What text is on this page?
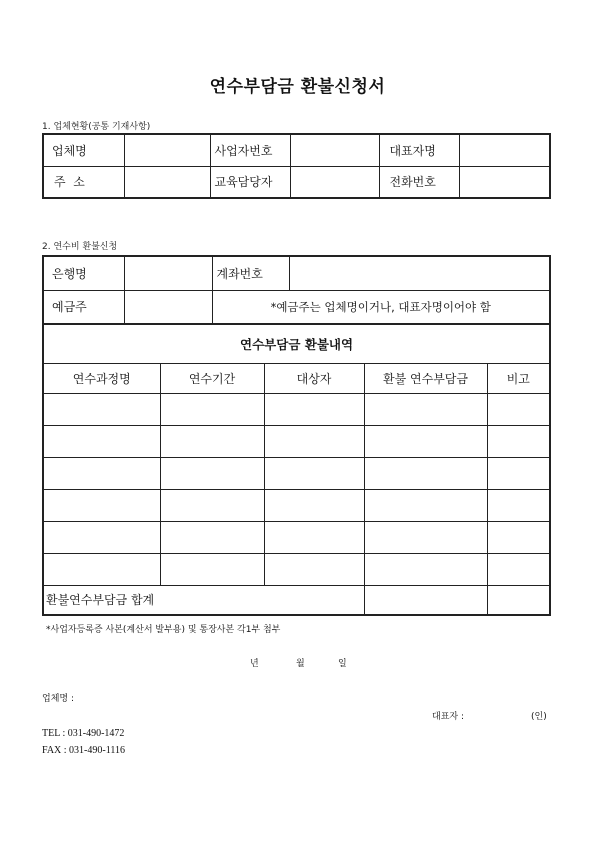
연수부담금 환불신청서
1. 업체현황(공통 기재사항)
업체명		사업자번호		대표자명	
주  소		교육담당자		전화번호	
2. 연수비 환불신청
은행명		계좌번호	
예금주		*예금주는 업체명이거나, 대표자명이어야 함	
연수부담금 환불내역				
연수과정명	연수기간	대상자	환불 연수부담금	비고

환불연수부담금 합계				
*사업자등록증 사본(계산서 발부용) 및 통장사본 각1부 첨부
년	월	일
업체명 :
대표자 :	(인)
TEL : 031-490-1472
FAX : 031-490-1116
